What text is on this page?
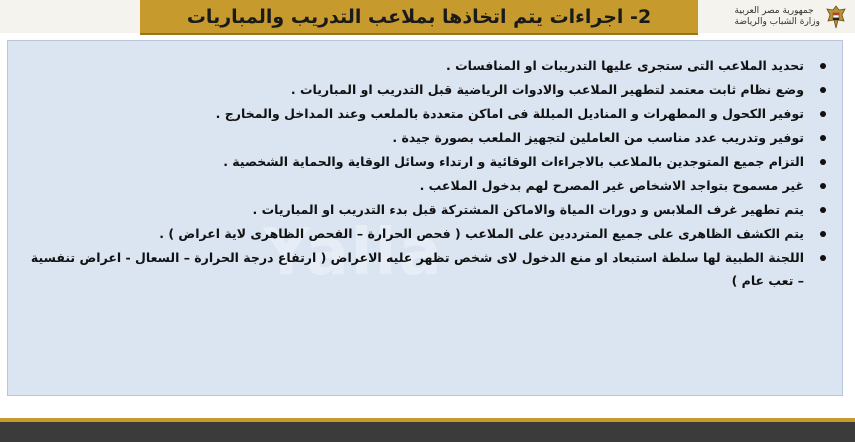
2- اجراءات يتم اتخاذها بملاعب التدريب والمباريات	جمهورية مصر العربية
وزارة الشباب والرياضة
Yalla
تحديد الملاعب التى ستجرى عليها التدريبات او المنافسات .
وضع نظام ثابت معتمد لتطهير الملاعب والادوات الرياضية قبل التدريب او المباريات .
توفير الكحول و المطهرات و المناديل المبللة فى اماكن متعددة بالملعب وعند المداخل والمخارج .
توفير وتدريب عدد مناسب من العاملين لتجهيز الملعب بصورة جيدة .
التزام جميع المتوجدين بالملاعب بالاجراءات الوقائية و ارتداء وسائل الوقاية والحماية الشخصية .
غير مسموح بتواجد الاشخاص غير المصرح لهم بدخول الملاعب .
يتم تطهير غرف الملابس و دورات المياة والاماكن المشتركة قبل بدء التدريب او المباريات .
يتم الكشف الظاهرى على جميع المترددين على الملاعب ( فحص الحرارة – الفحص الظاهرى لاية اعراض ) .
اللجنة الطبية لها سلطة استبعاد او منع الدخول لاى شخص تظهر عليه الاعراض ( ارتفاع درجة الحرارة – السعال - اعراض تنفسية – تعب عام )
